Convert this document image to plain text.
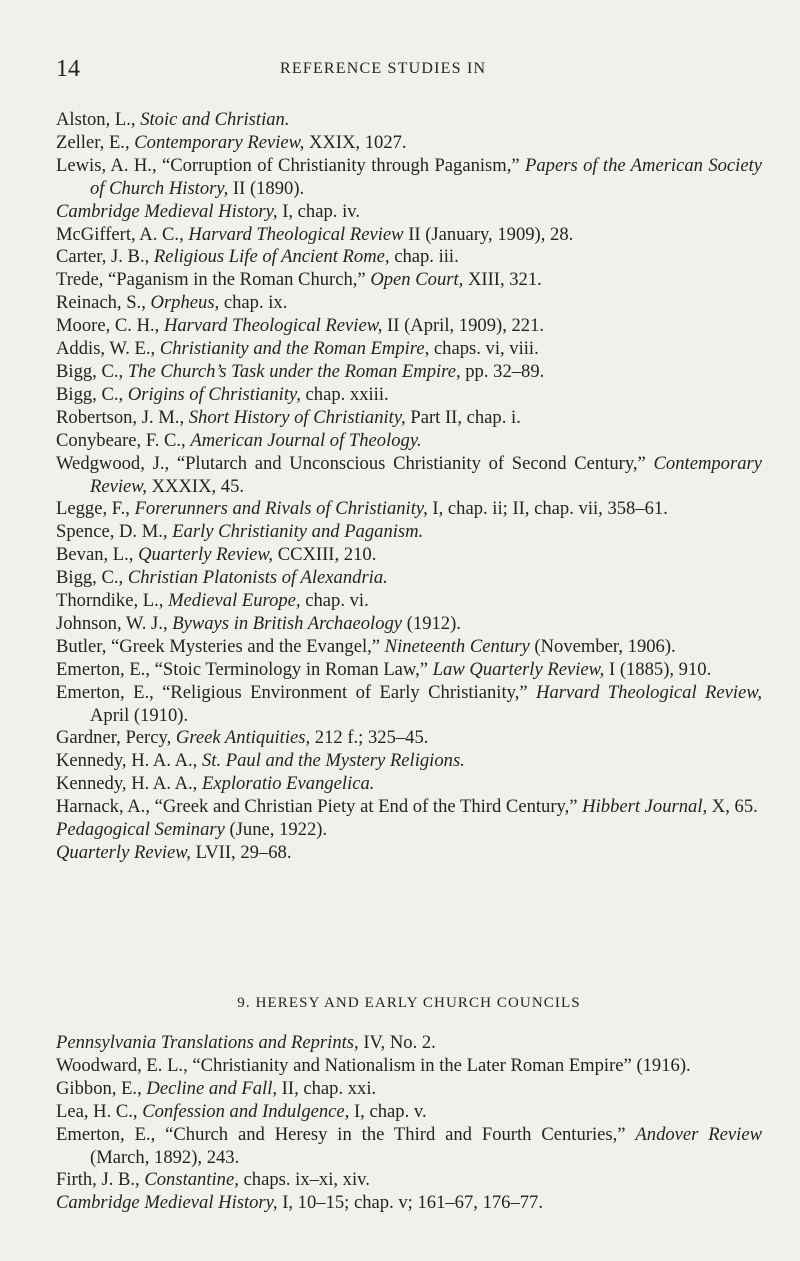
14	REFERENCE STUDIES IN
Alston, L., Stoic and Christian.
Zeller, E., Contemporary Review, XXIX, 1027.
Lewis, A. H., “Corruption of Christianity through Paganism,” Papers of the American Society of Church History, II (1890).
Cambridge Medieval History, I, chap. iv.
McGiffert, A. C., Harvard Theological Review II (January, 1909), 28.
Carter, J. B., Religious Life of Ancient Rome, chap. iii.
Trede, “Paganism in the Roman Church,” Open Court, XIII, 321.
Reinach, S., Orpheus, chap. ix.
Moore, C. H., Harvard Theological Review, II (April, 1909), 221.
Addis, W. E., Christianity and the Roman Empire, chaps. vi, viii.
Bigg, C., The Church’s Task under the Roman Empire, pp. 32–89.
Bigg, C., Origins of Christianity, chap. xxiii.
Robertson, J. M., Short History of Christianity, Part II, chap. i.
Conybeare, F. C., American Journal of Theology.
Wedgwood, J., “Plutarch and Unconscious Christianity of Second Century,” Contemporary Review, XXXIX, 45.
Legge, F., Forerunners and Rivals of Christianity, I, chap. ii; II, chap. vii, 358–61.
Spence, D. M., Early Christianity and Paganism.
Bevan, L., Quarterly Review, CCXIII, 210.
Bigg, C., Christian Platonists of Alexandria.
Thorndike, L., Medieval Europe, chap. vi.
Johnson, W. J., Byways in British Archaeology (1912).
Butler, “Greek Mysteries and the Evangel,” Nineteenth Century (November, 1906).
Emerton, E., “Stoic Terminology in Roman Law,” Law Quarterly Review, I (1885), 910.
Emerton, E., “Religious Environment of Early Christianity,” Harvard Theological Review, April (1910).
Gardner, Percy, Greek Antiquities, 212 f.; 325–45.
Kennedy, H. A. A., St. Paul and the Mystery Religions.
Kennedy, H. A. A., Exploratio Evangelica.
Harnack, A., “Greek and Christian Piety at End of the Third Century,” Hibbert Journal, X, 65.
Pedagogical Seminary (June, 1922).
Quarterly Review, LVII, 29–68.
9. HERESY AND EARLY CHURCH COUNCILS
Pennsylvania Translations and Reprints, IV, No. 2.
Woodward, E. L., “Christianity and Nationalism in the Later Roman Empire” (1916).
Gibbon, E., Decline and Fall, II, chap. xxi.
Lea, H. C., Confession and Indulgence, I, chap. v.
Emerton, E., “Church and Heresy in the Third and Fourth Centuries,” Andover Review (March, 1892), 243.
Firth, J. B., Constantine, chaps. ix–xi, xiv.
Cambridge Medieval History, I, 10–15; chap. v; 161–67, 176–77.
